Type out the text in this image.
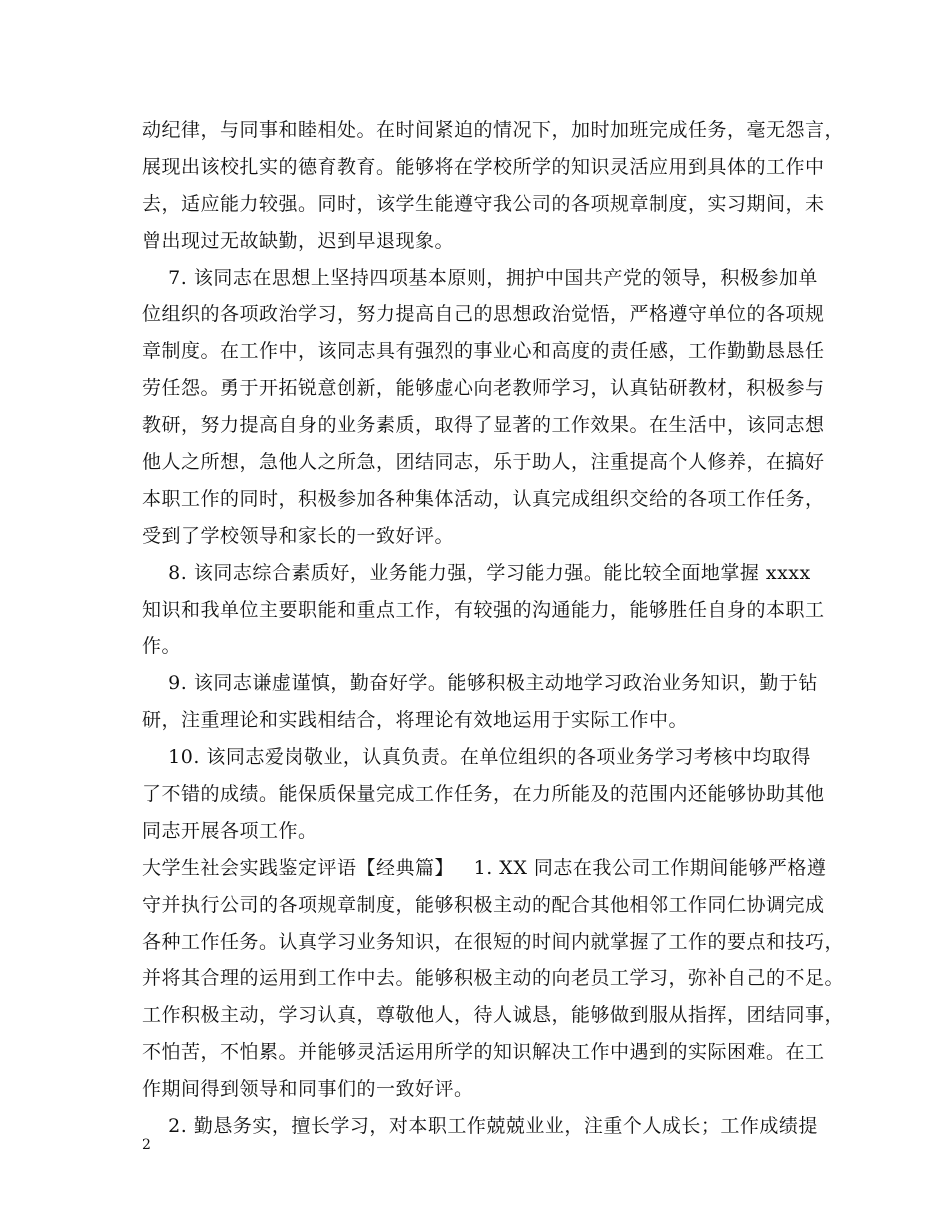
动纪律，与同事和睦相处。在时间紧迫的情况下，加时加班完成任务，毫无怨言，
展现出该校扎实的德育教育。能够将在学校所学的知识灵活应用到具体的工作中
去，适应能力较强。同时，该学生能遵守我公司的各项规章制度，实习期间，未
曾出现过无故缺勤，迟到早退现象。
7. 该同志在思想上坚持四项基本原则，拥护中国共产党的领导，积极参加单
位组织的各项政治学习，努力提高自己的思想政治觉悟，严格遵守单位的各项规
章制度。在工作中，该同志具有强烈的事业心和高度的责任感，工作勤勤恳恳任
劳任怨。勇于开拓锐意创新，能够虚心向老教师学习，认真钻研教材，积极参与
教研，努力提高自身的业务素质，取得了显著的工作效果。在生活中，该同志想
他人之所想，急他人之所急，团结同志，乐于助人，注重提高个人修养，在搞好
本职工作的同时，积极参加各种集体活动，认真完成组织交给的各项工作任务，
受到了学校领导和家长的一致好评。
8. 该同志综合素质好，业务能力强，学习能力强。能比较全面地掌握 xxxx
知识和我单位主要职能和重点工作，有较强的沟通能力，能够胜任自身的本职工
作。
9. 该同志谦虚谨慎，勤奋好学。能够积极主动地学习政治业务知识，勤于钻
研，注重理论和实践相结合，将理论有效地运用于实际工作中。
10. 该同志爱岗敬业，认真负责。在单位组织的各项业务学习考核中均取得
了不错的成绩。能保质保量完成工作任务，在力所能及的范围内还能够协助其他
同志开展各项工作。
大学生社会实践鉴定评语【经典篇】   1. XX 同志在我公司工作期间能够严格遵
守并执行公司的各项规章制度，能够积极主动的配合其他相邻工作同仁协调完成
各种工作任务。认真学习业务知识，在很短的时间内就掌握了工作的要点和技巧，
并将其合理的运用到工作中去。能够积极主动的向老员工学习，弥补自己的不足。
工作积极主动，学习认真，尊敬他人，待人诚恳，能够做到服从指挥，团结同事，
不怕苦，不怕累。并能够灵活运用所学的知识解决工作中遇到的实际困难。在工
作期间得到领导和同事们的一致好评。
2. 勤恳务实，擅长学习，对本职工作兢兢业业，注重个人成长；工作成绩提
2
